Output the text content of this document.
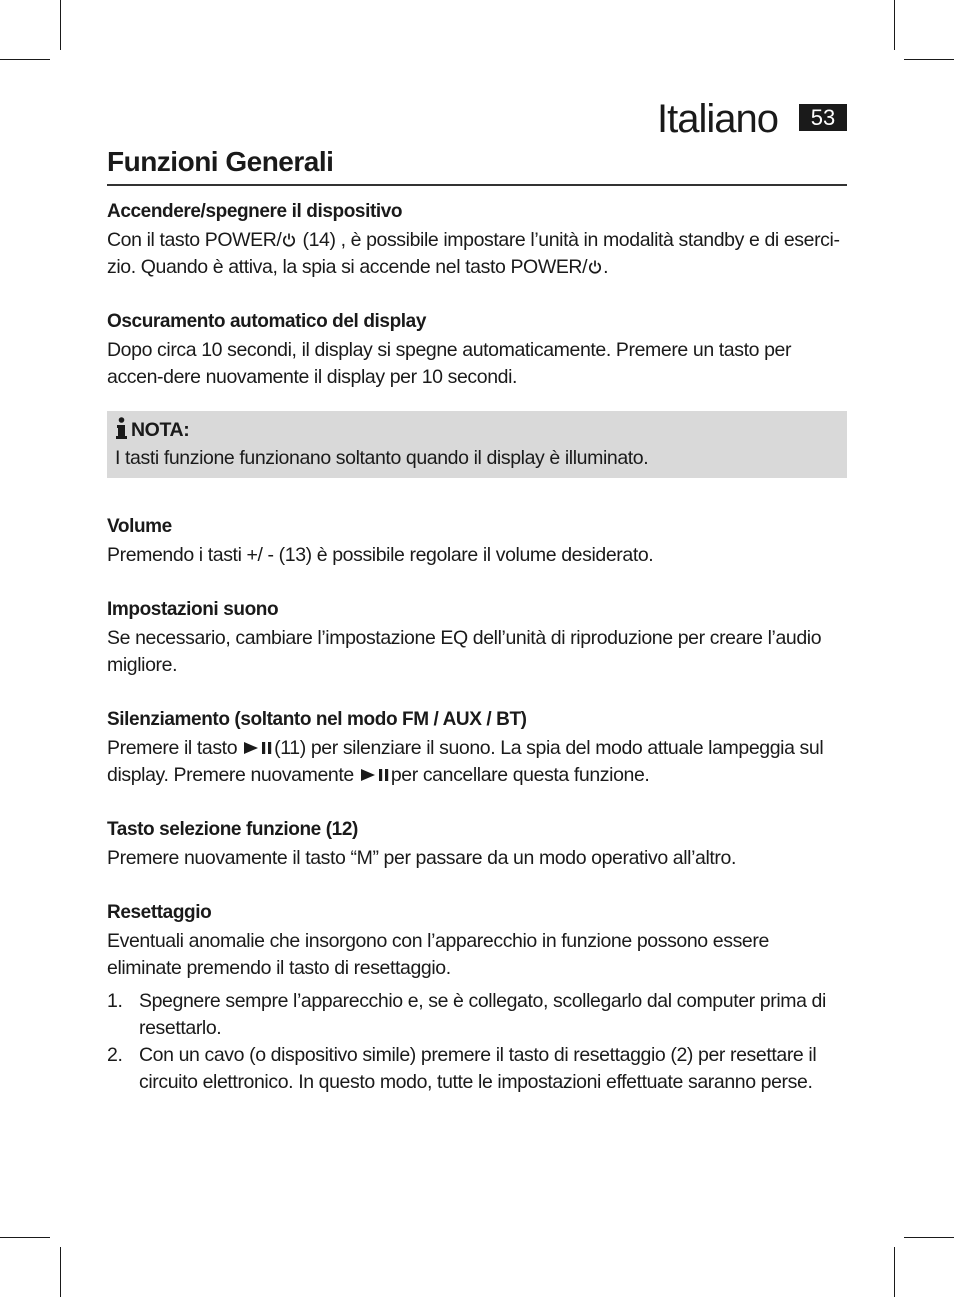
Italiano	53
Funzioni Generali
Accendere/spegnere il dispositivo

Con il tasto POWER/ (14) , è possibile impostare l’unità in modalità standby e di eserci-zio. Quando è attiva, la spia si accende nel tasto POWER/ .

Oscuramento automatico del display

Dopo circa 10 secondi, il display si spegne automaticamente. Premere un tasto per accen-dere nuovamente il display per 10 secondi.

NOTA:

I tasti funzione funzionano soltanto quando il display è illuminato.

Volume

Premendo i tasti +/ - (13) è possibile regolare il volume desiderato.

Impostazioni suono

Se necessario, cambiare l’impostazione EQ dell’unità di riproduzione per creare l’audio migliore.

Silenziamento (soltanto nel modo FM / AUX / BT)

Premere il tasto (11) per silenziare il suono. La spia del modo attuale lampeggia sul display. Premere nuovamente per cancellare questa funzione.

Tasto selezione funzione (12)

Premere nuovamente il tasto “M” per passare da un modo operativo all’altro.

Resettaggio

Eventuali anomalie che insorgono con l’apparecchio in funzione possono essere eliminate premendo il tasto di resettaggio.

1. Spegnere sempre l’apparecchio e, se è collegato, scollegarlo dal computer prima di resettarlo.
2. Con un cavo (o dispositivo simile) premere il tasto di resettaggio (2) per resettare il circuito elettronico. In questo modo, tutte le impostazioni effettuate saranno perse.
